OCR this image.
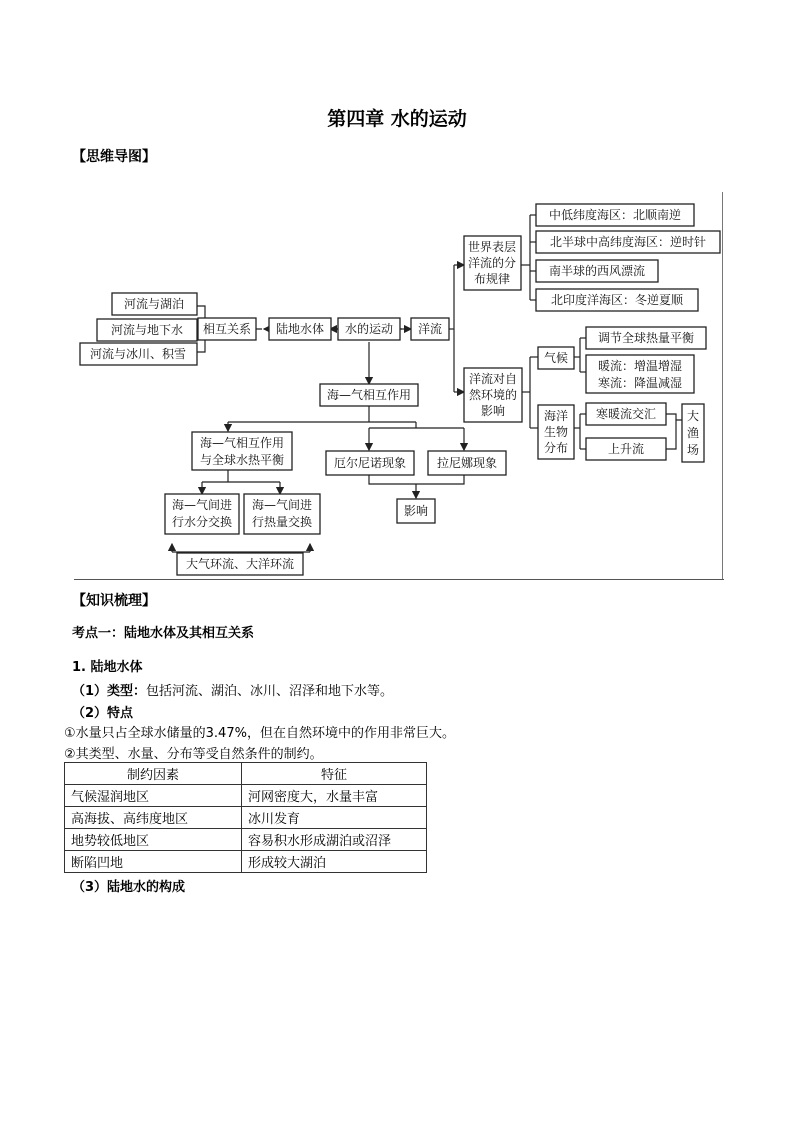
第四章 水的运动
【思维导图】
河流与湖泊
河流与地下水
河流与冰川、积雪
相互关系 陆地水体 水的运动 洋流
世界表层
洋流的分
布规律
中低纬度海区：北顺南逆
北半球中高纬度海区：逆时针
南半球的西风漂流
北印度洋海区：冬逆夏顺
洋流对自
然环境的
影响
气候
调节全球热量平衡
暖流：增温增湿
寒流：降温减湿
海洋
生物
分布
寒暖流交汇
上升流
大
渔
场
海—气相互作用
海—气相互作用
与全球水热平衡	厄尔尼诺现象	拉尼娜现象
影响
海—气间进
行水分交换
海—气间进
行热量交换
大气环流、大洋环流
【知识梳理】
考点一：陆地水体及其相互关系
1. 陆地水体
（1）类型：包括河流、湖泊、冰川、沼泽和地下水等。
（2）特点
①水量只占全球水储量的3.47%，但在自然环境中的作用非常巨大。
②其类型、水量、分布等受自然条件的制约。
制约因素	特征
气候湿润地区	河网密度大，水量丰富
高海拔、高纬度地区	冰川发育
地势较低地区	容易积水形成湖泊或沼泽
断陷凹地	形成较大湖泊
（3）陆地水的构成
